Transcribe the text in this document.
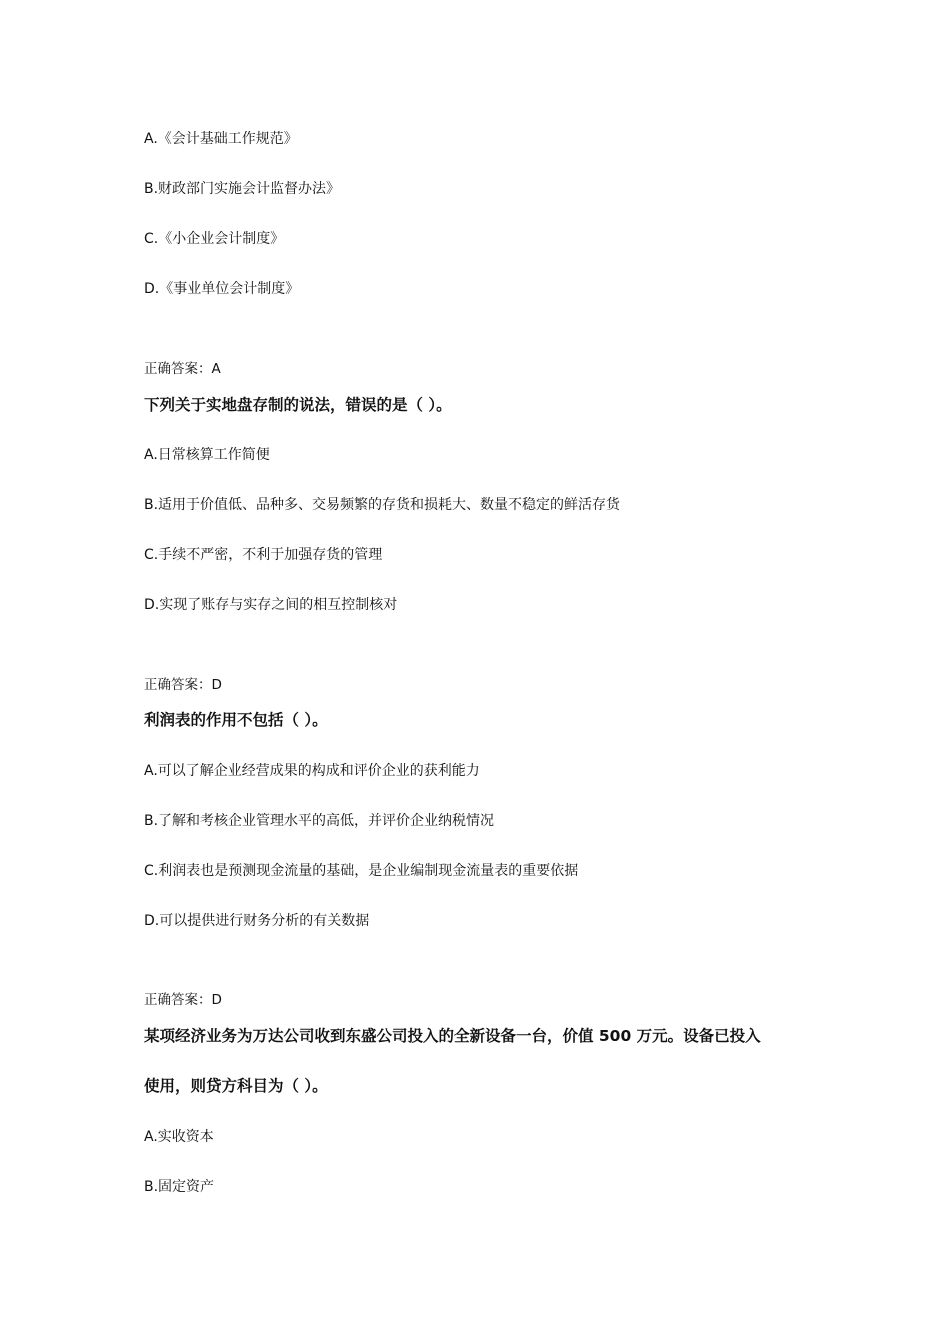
A.《会计基础工作规范》
B.财政部门实施会计监督办法》
C.《小企业会计制度》
D.《事业单位会计制度》
正确答案：A
下列关于实地盘存制的说法，错误的是（ ）。
A.日常核算工作简便
B.适用于价值低、品种多、交易频繁的存货和损耗大、数量不稳定的鲜活存货
C.手续不严密，不利于加强存货的管理
D.实现了账存与实存之间的相互控制核对
正确答案：D
利润表的作用不包括（ ）。
A.可以了解企业经营成果的构成和评价企业的获利能力
B.了解和考核企业管理水平的高低，并评价企业纳税情况
C.利润表也是预测现金流量的基础，是企业编制现金流量表的重要依据
D.可以提供进行财务分析的有关数据
正确答案：D
某项经济业务为万达公司收到东盛公司投入的全新设备一台，价值 500 万元。设备已投入
使用，则贷方科目为（ ）。
A.实收资本
B.固定资产
